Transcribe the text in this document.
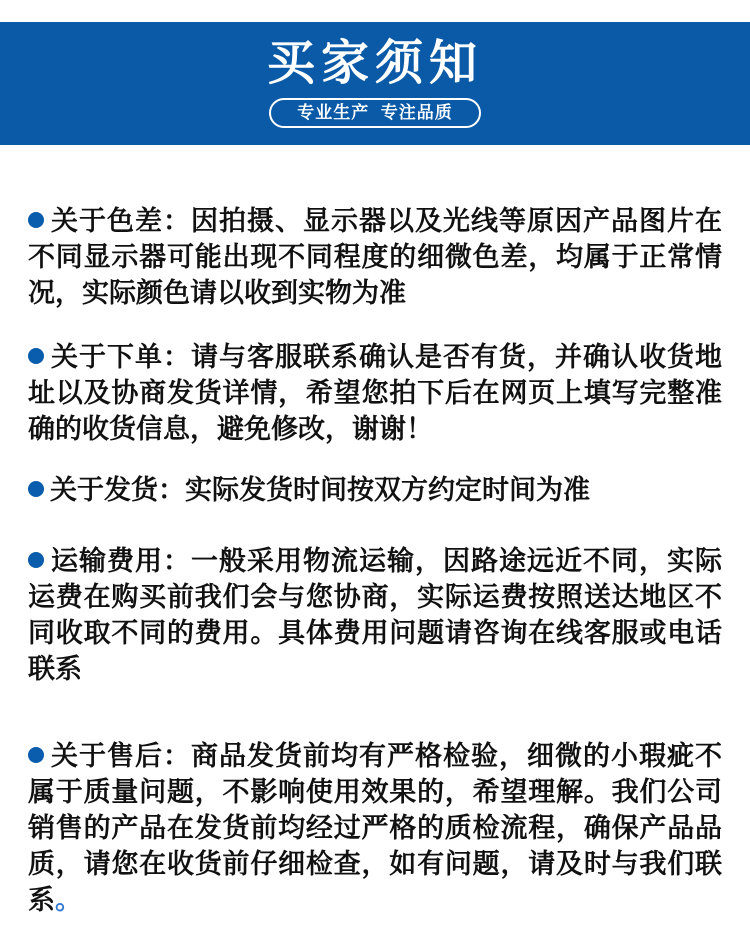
买家须知
专业生产  专注品质

关于色差：因拍摄、显示器以及光线等原因产品图片在不同显示器可能出现不同程度的细微色差，均属于正常情况，实际颜色请以收到实物为准

关于下单：请与客服联系确认是否有货，并确认收货地址以及协商发货详情，希望您拍下后在网页上填写完整准确的收货信息，避免修改，谢谢！

关于发货：实际发货时间按双方约定时间为准

运输费用：一般采用物流运输，因路途远近不同，实际运费在购买前我们会与您协商，实际运费按照送达地区不同收取不同的费用。具体费用问题请咨询在线客服或电话联系

关于售后：商品发货前均有严格检验，细微的小瑕疵不属于质量问题，不影响使用效果的，希望理解。我们公司销售的产品在发货前均经过严格的质检流程，确保产品品质，请您在收货前仔细检查，如有问题，请及时与我们联系。
